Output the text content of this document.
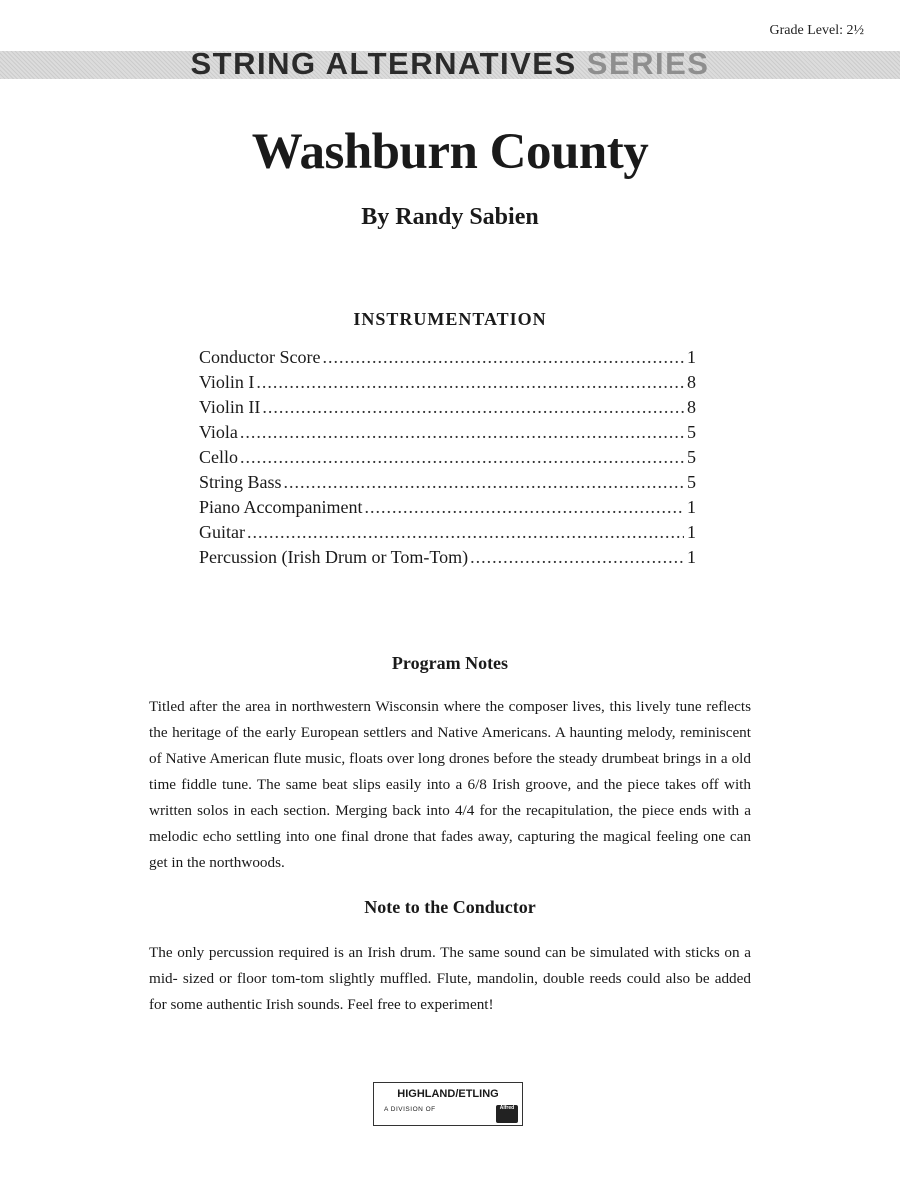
Grade Level: 2½
STRING ALTERNATIVES SERIES
Washburn County
By Randy Sabien
INSTRUMENTATION
Conductor Score .....	1
Violin I .....	8
Violin II .....	8
Viola .....	5
Cello .....	5
String Bass .....	5
Piano Accompaniment .....	1
Guitar .....	1
Percussion (Irish Drum or Tom-Tom) .....	1
Program Notes

Titled after the area in northwestern Wisconsin where the composer lives, this lively tune reflects the heritage of the early European settlers and Native Americans. A haunting melody, reminiscent of Native American flute music, floats over long drones before the steady drumbeat brings in a old time fiddle tune. The same beat slips easily into a 6/8 Irish groove, and the piece takes off with written solos in each section. Merging back into 4/4 for the recapitulation, the piece ends with a melodic echo settling into one final drone that fades away, capturing the magical feeling one can get in the northwoods.

Note to the Conductor

The only percussion required is an Irish drum. The same sound can be simulated with sticks on a mid- sized or floor tom-tom slightly muffled. Flute, mandolin, double reeds could also be added for some authentic Irish sounds. Feel free to experiment!

HIGHLAND/ETLING
A DIVISION OF	Alfred
